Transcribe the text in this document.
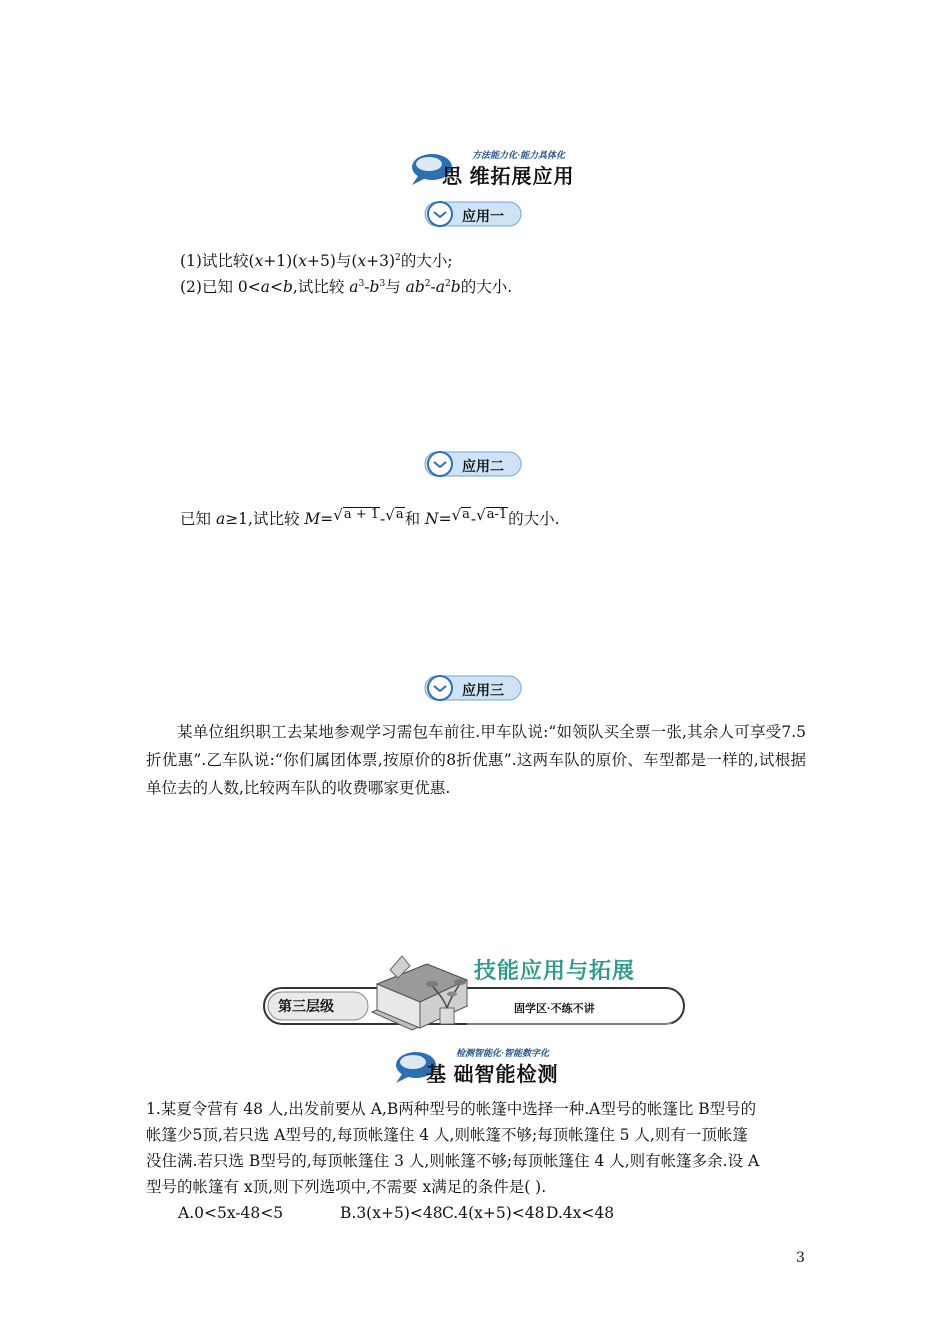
方法能力化·能力具体化
思 维拓展应用
应用一
(1)试比较(x+1)(x+5)与$(x+3)^2$的大小;
(2)已知 0<a<b,试比较 $a^3-b^3$与 $ab^2-a^2b$的大小.
应用二
已知 a≥1,试比较 M=√a + 1-√a和 N=√a-√a-1的大小.
应用三
某单位组织职工去某地参观学习需包车前往.甲车队说:“如领队买全票一张,其余人可享受7.5折优惠”.乙车队说:“你们属团体票,按原价的8折优惠”.这两车队的原价、车型都是一样的,试根据单位去的人数,比较两车队的收费哪家更优惠.
第三层级
技能应用与拓展
固学区·不练不讲
检测智能化·智能数字化
基 础智能检测
1.某夏令营有 48 人,出发前要从 A,B两种型号的帐篷中选择一种.A型号的帐篷比 B型号的
帐篷少5顶,若只选 A型号的,每顶帐篷住 4 人,则帐篷不够;每顶帐篷住 5 人,则有一顶帐篷
没住满.若只选 B型号的,每顶帐篷住 3 人,则帐篷不够;每顶帐篷住 4 人,则有帐篷多余.设 A
型号的帐篷有 x顶,则下列选项中,不需要 x满足的条件是( ).
A.0<5x-48<5	B.3(x+5)<48 C.4(x+5)<48 D.4x<48
3
